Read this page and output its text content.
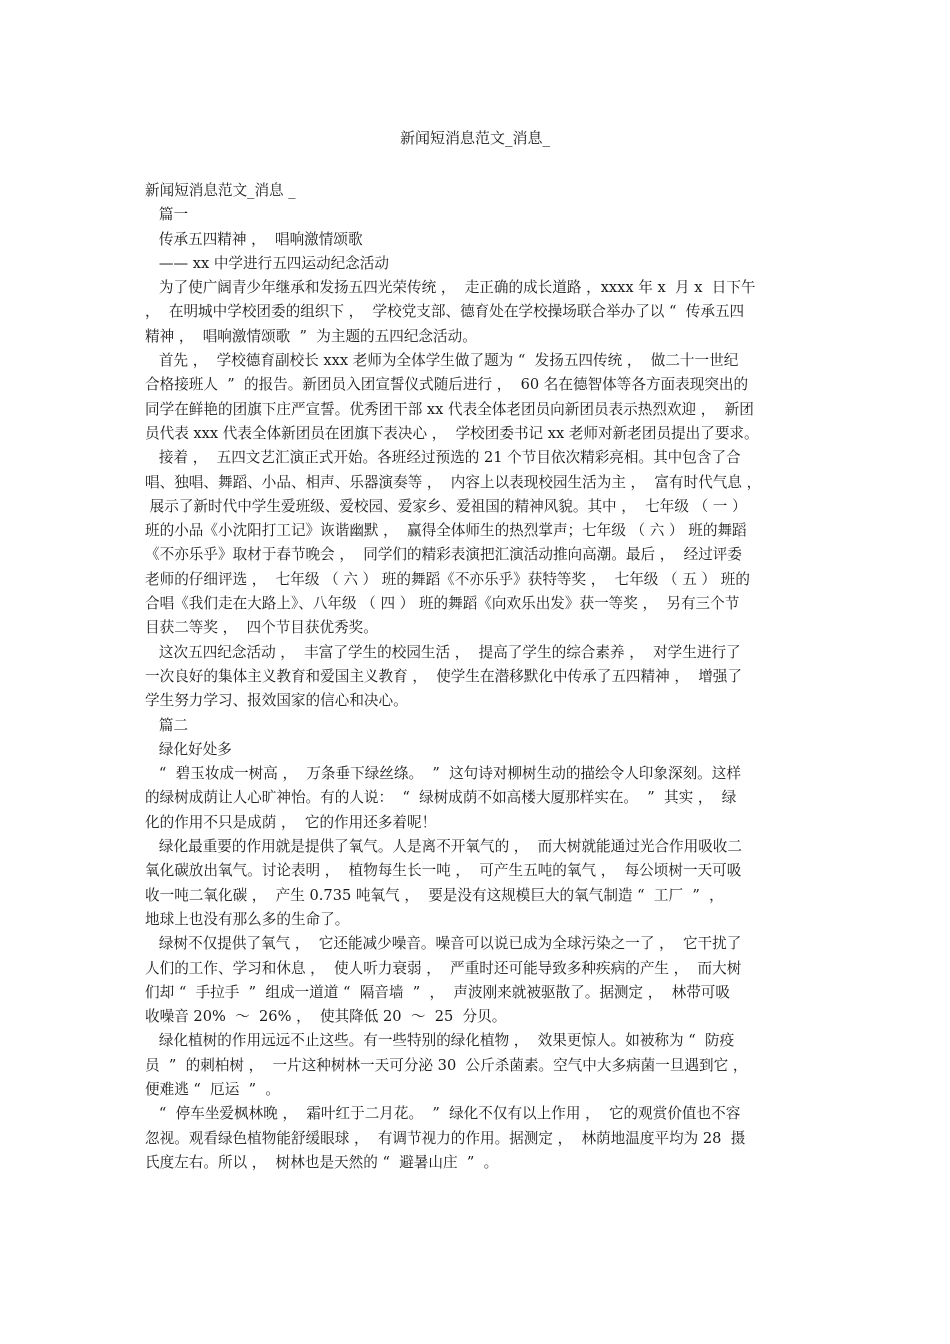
新闻短消息范文_消息_
新闻短消息范文_消息 _
篇一
传承五四精神 ，  唱响激情颂歌
—— xx 中学进行五四运动纪念活动
为了使广阔青少年继承和发扬五四光荣传统 ，  走正确的成长道路 ，xxxx 年 x  月 x  日下午
，  在明城中学校团委的组织下 ，  学校党支部、德育处在学校操场联合举办了以 “  传承五四
精神 ，  唱响激情颂歌  ”  为主题的五四纪念活动。
首先 ，  学校德育副校长 xxx 老师为全体学生做了题为 “  发扬五四传统 ，  做二十一世纪
合格接班人  ”  的报告。新团员入团宣誓仪式随后进行 ，  60 名在德智体等各方面表现突出的
同学在鲜艳的团旗下庄严宣誓。优秀团干部 xx 代表全体老团员向新团员表示热烈欢迎 ，  新团
员代表 xxx 代表全体新团员在团旗下表决心 ，  学校团委书记 xx 老师对新老团员提出了要求。
接着 ，  五四文艺汇演正式开始。各班经过预选的 21 个节目依次精彩亮相。其中包含了合
唱、独唱、舞蹈、小品、相声、乐器演奏等 ，  内容上以表现校园生活为主 ，  富有时代气息 ，
展示了新时代中学生爱班级、爱校园、爱家乡、爱祖国的精神风貌。其中 ，  七年级 （ 一 ）
班的小品《小沈阳打工记》诙谐幽默 ，  赢得全体师生的热烈掌声；七年级 （ 六 ） 班的舞蹈
《不亦乐乎》取材于春节晚会 ，  同学们的精彩表演把汇演活动推向高潮。最后 ，  经过评委
老师的仔细评选 ，  七年级 （ 六 ） 班的舞蹈《不亦乐乎》获特等奖 ，  七年级 （ 五 ） 班的
合唱《我们走在大路上》、八年级 （ 四 ） 班的舞蹈《向欢乐出发》获一等奖 ，  另有三个节
目获二等奖 ，  四个节目获优秀奖。
这次五四纪念活动 ，  丰富了学生的校园生活 ，  提高了学生的综合素养 ，  对学生进行了
一次良好的集体主义教育和爱国主义教育 ，  使学生在潜移默化中传承了五四精神 ，  增强了
学生努力学习、报效国家的信心和决心。
篇二
绿化好处多
“  碧玉妆成一树高 ，  万条垂下绿丝绦。  ”  这句诗对柳树生动的描绘令人印象深刻。这样
的绿树成荫让人心旷神怡。有的人说：  “  绿树成荫不如高楼大厦那样实在。  ”  其实 ，  绿
化的作用不只是成荫 ，  它的作用还多着呢！
绿化最重要的作用就是提供了氧气。人是离不开氧气的 ，  而大树就能通过光合作用吸收二
氧化碳放出氧气。讨论表明 ，  植物每生长一吨 ，  可产生五吨的氧气 ，  每公顷树一天可吸
收一吨二氧化碳 ，  产生 0.735 吨氧气 ，  要是没有这规模巨大的氧气制造 “  工厂  ”  ，
地球上也没有那么多的生命了。
绿树不仅提供了氧气 ，  它还能减少噪音。噪音可以说已成为全球污染之一了 ，  它干扰了
人们的工作、学习和休息 ，  使人听力衰弱 ，  严重时还可能导致多种疾病的产生 ，  而大树
们却 “  手拉手  ”  组成一道道 “  隔音墙  ”  ，  声波刚来就被驱散了。据测定 ，  林带可吸
收噪音 20%  ～  26% ，  使其降低 20  ～  25  分贝。
绿化植树的作用远远不止这些。有一些特别的绿化植物 ，  效果更惊人。如被称为 “  防疫
员  ”  的刺柏树 ，  一片这种树林一天可分泌 30  公斤杀菌素。空气中大多病菌一旦遇到它 ，
便难逃 “  厄运  ”  。
“  停车坐爱枫林晚 ，  霜叶红于二月花。  ”  绿化不仅有以上作用 ，  它的观赏价值也不容
忽视。观看绿色植物能舒缓眼球 ，  有调节视力的作用。据测定 ，  林荫地温度平均为 28  摄
氏度左右。所以 ，  树林也是天然的 “  避暑山庄  ”  。
